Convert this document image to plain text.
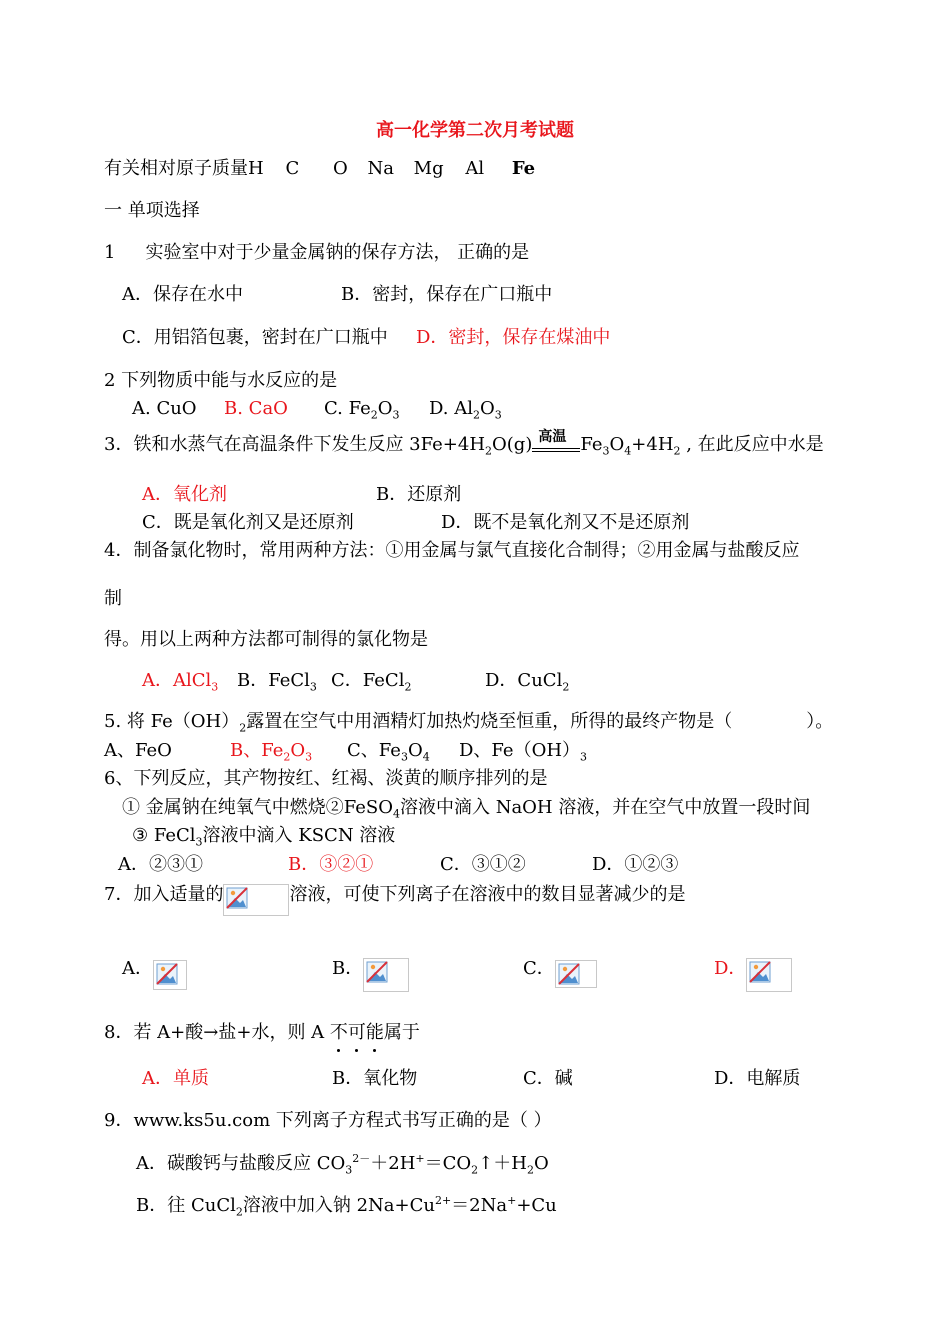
高一化学第二次月考试题
有关相对原子质量H C O Na Mg Al Fe
一 单项选择
1 实验室中对于少量金属钠的保存方法， 正确的是
A．保存在水中	B．密封，保存在广口瓶中
C．用铝箔包裹，密封在广口瓶中 D．密封，保存在煤油中
2 下列物质中能与水反应的是
A. CuO B. CaO C. $Fe_2O_3$ D. $Al_2O_3$
3．铁和水蒸气在高温条件下发生反应 $3Fe+4H_2O(g)$ 高温 $Fe_3O_4+4H_2$ , 在此反应中水是
A．氧化剂	B．还原剂
C．既是氧化剂又是还原剂	D．既不是氧化剂又不是还原剂
4．制备氯化物时，常用两种方法：①用金属与氯气直接化合制得；②用金属与盐酸反应
制
得。用以上两种方法都可制得的氯化物是
A．AlCl$_3$ B．FeCl$_3$ C．FeCl$_2$	D．CuCl$_2$
5. 将 $Fe(OH)_2$露置在空气中用酒精灯加热灼烧至恒重，所得的最终产物是（	）。
A、FeO	B、$Fe_2O_3$ C、$Fe_3O_4$ D、$Fe(OH)_3$
6、下列反应，其产物按红、红褐、淡黄的顺序排列的是
① 金属钠在纯氧气中燃烧②FeSO$_4$溶液中滴入 NaOH 溶液，并在空气中放置一段时间
③ FeCl$_3$溶液中滴入 KSCN 溶液
A．②③①	B．③②①	C．③①②	D．①②③
7．加入适量的	溶液，可使下列离子在溶液中的数目显著减少的是
A．	B．	C．	D．
8．若 A+酸→盐+水，则 A 不可能属于
A．单质	B．氧化物	C．碱	D．电解质
9．www.ks5u.com 下列离子方程式书写正确的是（ ）
A．碳酸钙与盐酸反应 $CO_3^{2-}+2H^+=CO_2↑+H_2O$
B．往 CuCl$_2$溶液中加入钠 $2Na+Cu^{2+}=2Na^++Cu$
